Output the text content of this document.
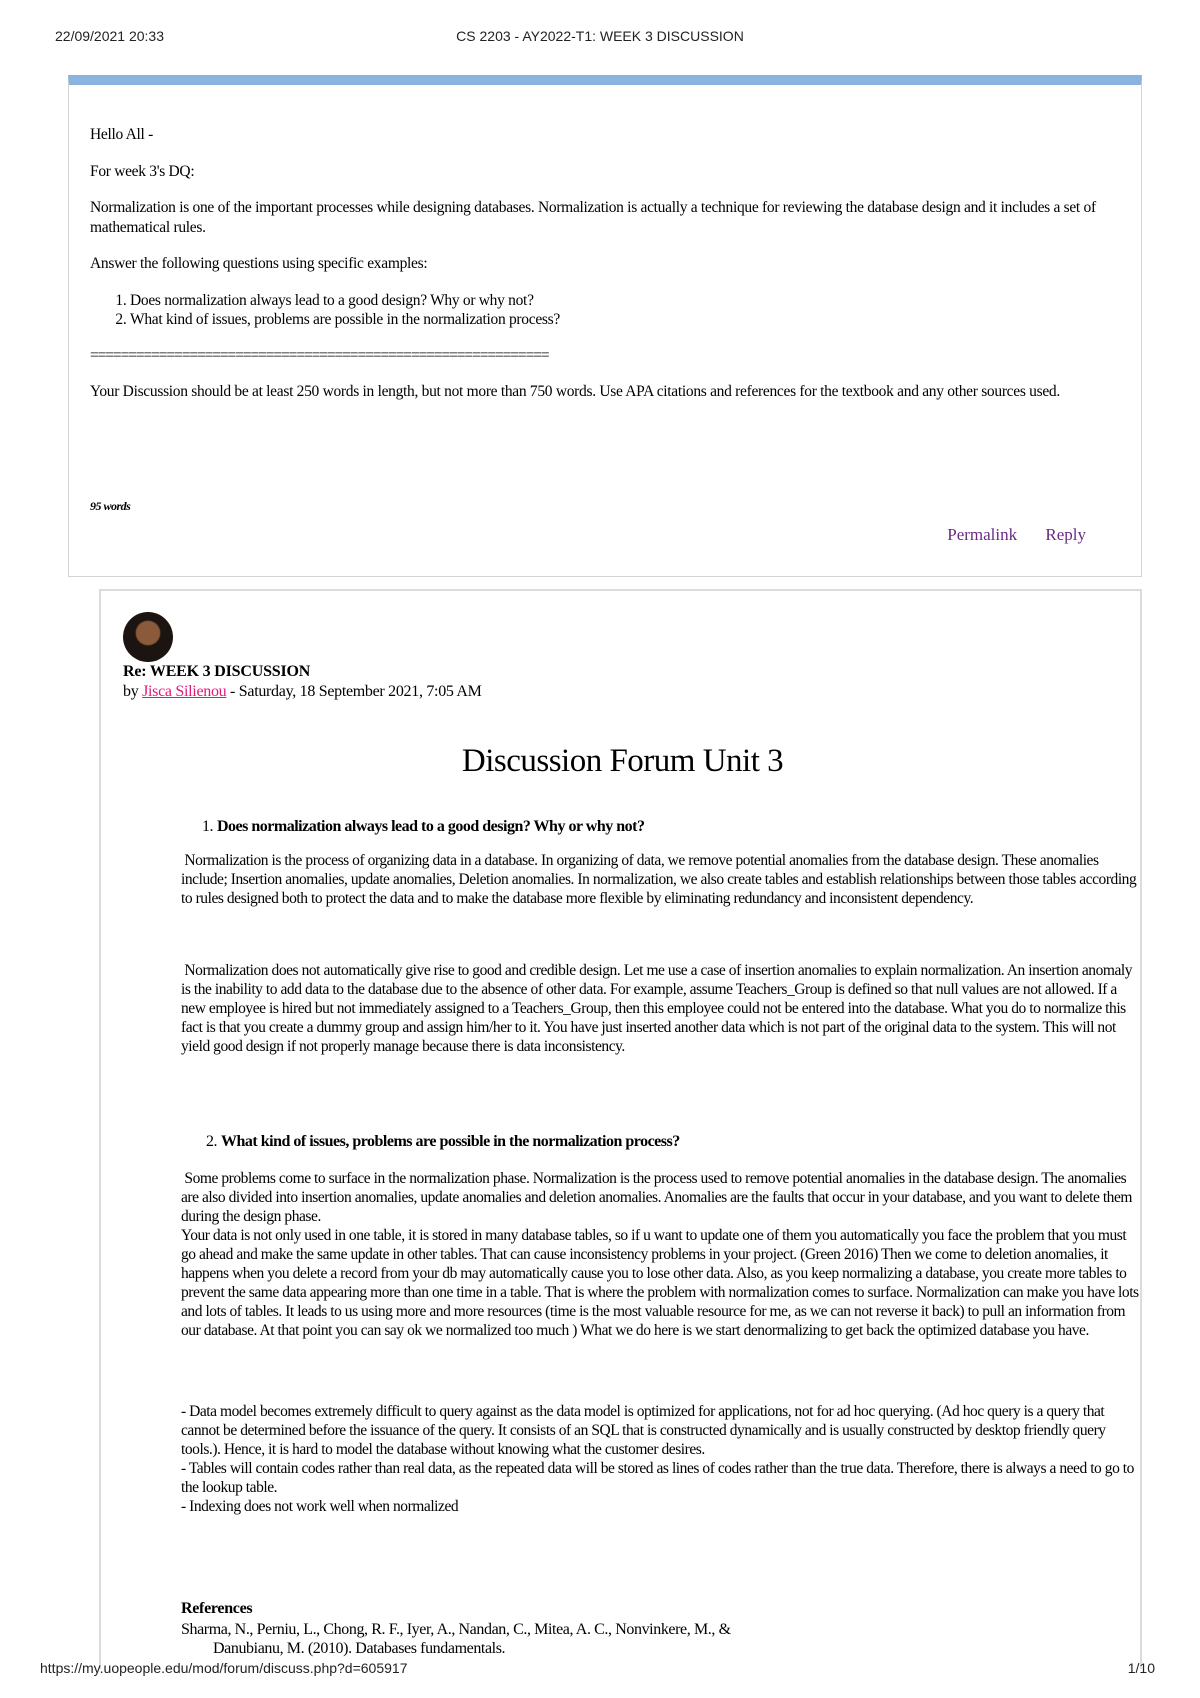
22/09/2021 20:33	CS 2203 - AY2022-T1: WEEK 3 DISCUSSION

Hello All -

For week 3's DQ:

Normalization is one of the important processes while designing databases. Normalization is actually a technique for reviewing the database design and it includes a set of mathematical rules.

Answer the following questions using specific examples:

1. Does normalization always lead to a good design? Why or why not?
2. What kind of issues, problems are possible in the normalization process?
============================================================

Your Discussion should be at least 250 words in length, but not more than 750 words. Use APA citations and references for the textbook and any other sources used.

95 words
Permalink Reply
Re: WEEK 3 DISCUSSION
by Jisca Silienou - Saturday, 18 September 2021, 7:05 AM
Discussion Forum Unit 3
1. Does normalization always lead to a good design? Why or why not?

Normalization is the process of organizing data in a database. In organizing of data, we remove potential anomalies from the database design. These anomalies include; Insertion anomalies, update anomalies, Deletion anomalies. In normalization, we also create tables and establish relationships between those tables according to rules designed both to protect the data and to make the database more flexible by eliminating redundancy and inconsistent dependency.

Normalization does not automatically give rise to good and credible design. Let me use a case of insertion anomalies to explain normalization. An insertion anomaly is the inability to add data to the database due to the absence of other data. For example, assume Teachers_Group is defined so that null values are not allowed. If a new employee is hired but not immediately assigned to a Teachers_Group, then this employee could not be entered into the database. What you do to normalize this fact is that you create a dummy group and assign him/her to it. You have just inserted another data which is not part of the original data to the system. This will not yield good design if not properly manage because there is data inconsistency.

2. What kind of issues, problems are possible in the normalization process?

Some problems come to surface in the normalization phase. Normalization is the process used to remove potential anomalies in the database design. The anomalies are also divided into insertion anomalies, update anomalies and deletion anomalies. Anomalies are the faults that occur in your database, and you want to delete them during the design phase.

Your data is not only used in one table, it is stored in many database tables, so if u want to update one of them you automatically you face the problem that you must go ahead and make the same update in other tables. That can cause inconsistency problems in your project. (Green 2016) Then we come to deletion anomalies, it happens when you delete a record from your db may automatically cause you to lose other data. Also, as you keep normalizing a database, you create more tables to prevent the same data appearing more than one time in a table. That is where the problem with normalization comes to surface. Normalization can make you have lots and lots of tables. It leads to us using more and more resources (time is the most valuable resource for me, as we can not reverse it back) to pull an information from our database. At that point you can say ok we normalized too much ) What we do here is we start denormalizing to get back the optimized database you have.

- Data model becomes extremely difficult to query against as the data model is optimized for applications, not for ad hoc querying. (Ad hoc query is a query that cannot be determined before the issuance of the query. It consists of an SQL that is constructed dynamically and is usually constructed by desktop friendly query tools.). Hence, it is hard to model the database without knowing what the customer desires.

- Tables will contain codes rather than real data, as the repeated data will be stored as lines of codes rather than the true data. Therefore, there is always a need to go to the lookup table.

- Indexing does not work well when normalized

References
Sharma, N., Perniu, L., Chong, R. F., Iyer, A., Nandan, C., Mitea, A. C., Nonvinkere, M., &
Danubianu, M. (2010). Databases fundamentals.
https://my.uopeople.edu/mod/forum/discuss.php?d=605917	1/10
